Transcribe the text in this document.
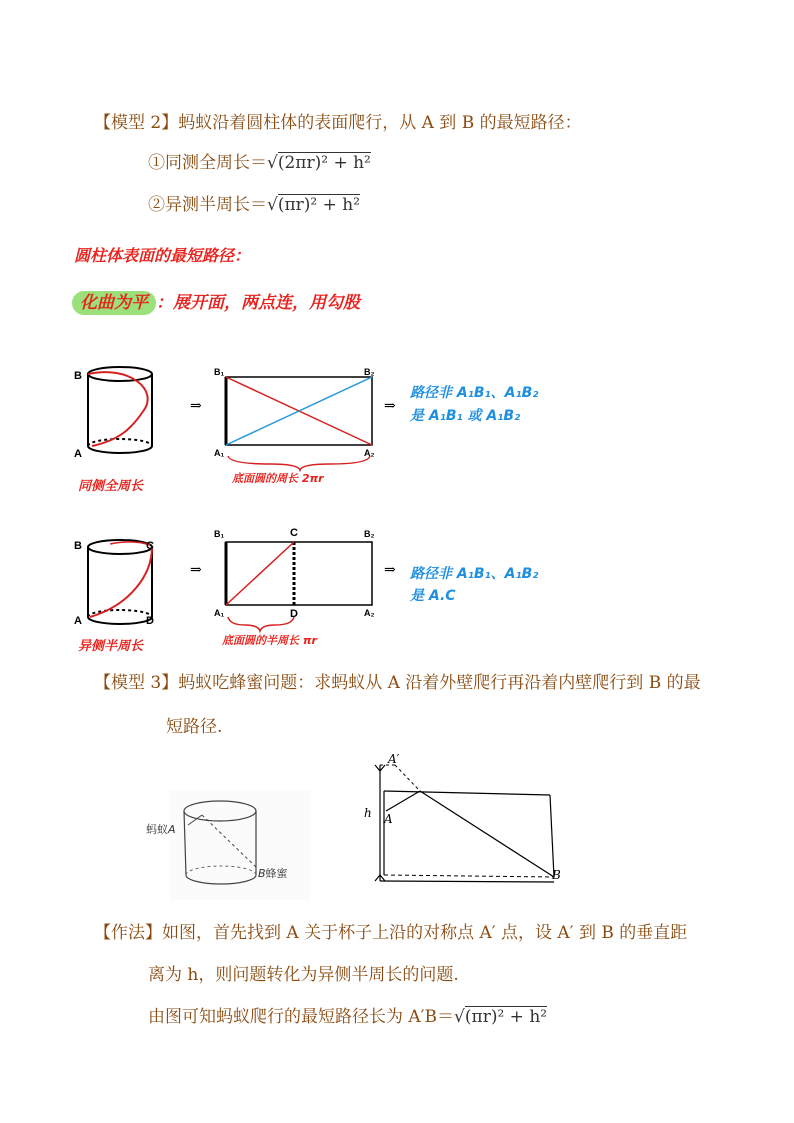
【模型 2】蚂蚁沿着圆柱体的表面爬行，从 A 到 B 的最短路径：
①同测全周长＝√(2πr)² + h²
②异测半周长＝√(πr)² + h²
圆柱体表面的最短路径：
化曲为平 ：展开面，两点连，用勾股
B
A
⇒
B₁	B₂
A₁	A₂
底面圆的周长 2πr
同侧全周长
⇒
路径非 A₁B₁、A₁B₂
是 A₁B₁ 或 A₁B₂
B	C
A	D
⇒
B₁	C	B₂
A₁	D	A₂
底面圆的半周长 πr
异侧半周长
⇒ 路径非 A₁B₁、A₁B₂
是 A.C
【模型 3】蚂蚁吃蜂蜜问题：求蚂蚁从 A 沿着外壁爬行再沿着内壁爬行到 B 的最
短路径.
蚂蚁A
B蜂蜜
A′
h A
B
【作法】如图，首先找到 A 关于杯子上沿的对称点 A′ 点，设 A′ 到 B 的垂直距
离为 h，则问题转化为异侧半周长的问题.
由图可知蚂蚁爬行的最短路径长为 A′B＝√(πr)² + h²
